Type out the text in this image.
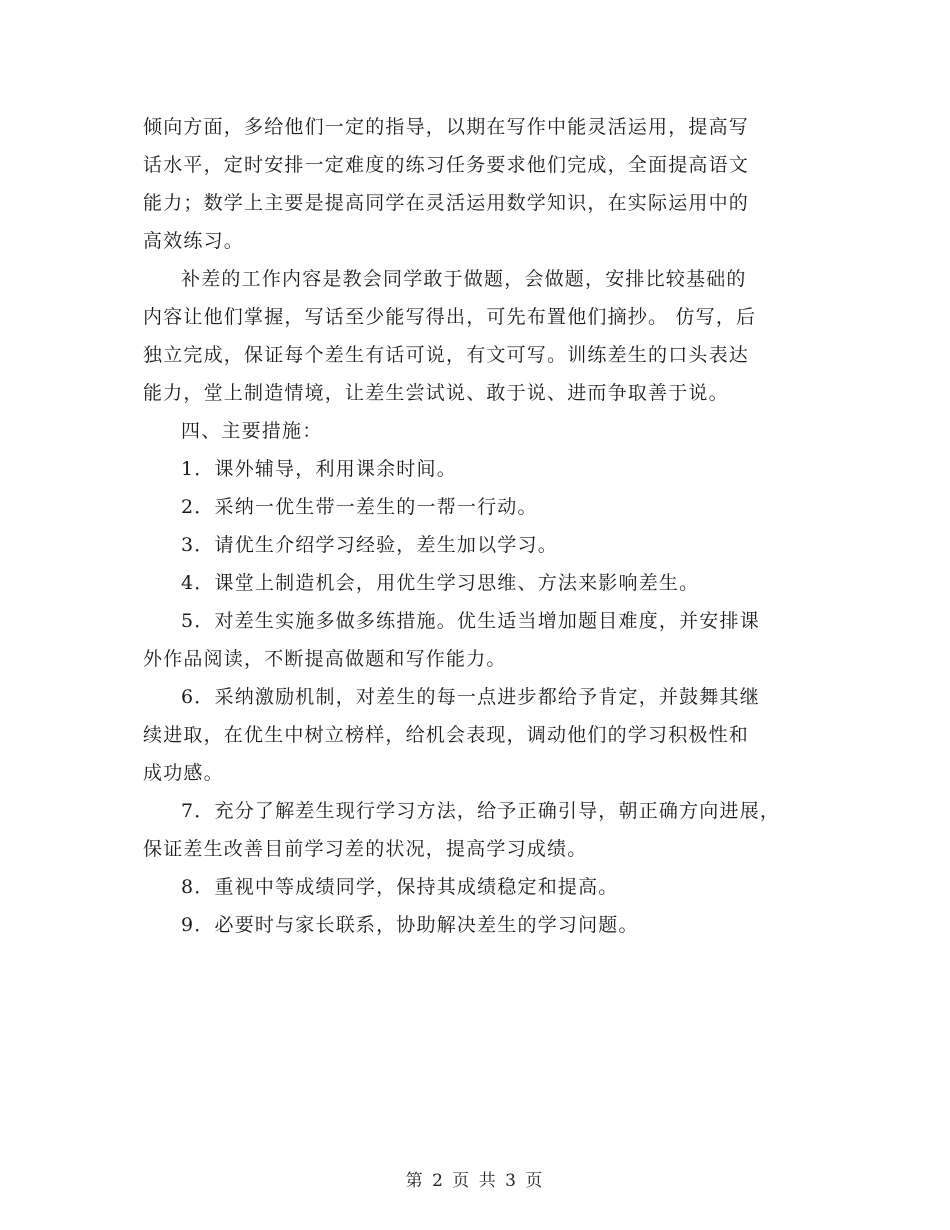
倾向方面，多给他们一定的指导，以期在写作中能灵活运用，提高写
话水平，定时安排一定难度的练习任务要求他们完成，全面提高语文
能力；数学上主要是提高同学在灵活运用数学知识，在实际运用中的
高效练习。

补差的工作内容是教会同学敢于做题，会做题，安排比较基础的
内容让他们掌握，写话至少能写得出，可先布置他们摘抄。 仿写，后
独立完成，保证每个差生有话可说，有文可写。训练差生的口头表达
能力，堂上制造情境，让差生尝试说、敢于说、进而争取善于说。

四、主要措施：

1．课外辅导，利用课余时间。

2．采纳一优生带一差生的一帮一行动。

3．请优生介绍学习经验，差生加以学习。

4．课堂上制造机会，用优生学习思维、方法来影响差生。

5．对差生实施多做多练措施。优生适当增加题目难度，并安排课
外作品阅读，不断提高做题和写作能力。

6．采纳激励机制，对差生的每一点进步都给予肯定，并鼓舞其继
续进取，在优生中树立榜样，给机会表现，调动他们的学习积极性和
成功感。

7．充分了解差生现行学习方法，给予正确引导，朝正确方向进展，
保证差生改善目前学习差的状况，提高学习成绩。

8．重视中等成绩同学，保持其成绩稳定和提高。

9．必要时与家长联系，协助解决差生的学习问题。

第 2 页 共 3 页
